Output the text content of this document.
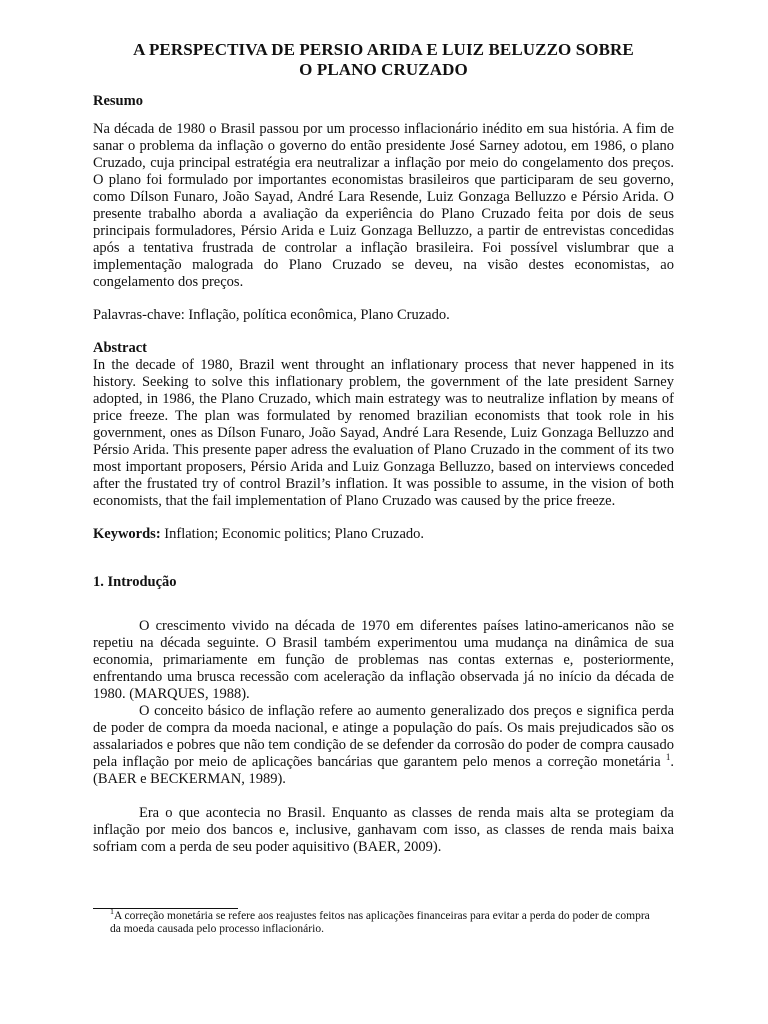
A PERSPECTIVA DE PERSIO ARIDA E LUIZ BELUZZO SOBRE
O PLANO CRUZADO

Resumo

Na década de 1980 o Brasil passou por um processo inflacionário inédito em sua história. A fim de sanar o problema da inflação o governo do então presidente José Sarney adotou, em 1986, o plano Cruzado, cuja principal estratégia era neutralizar a inflação por meio do congelamento dos preços. O plano foi formulado por importantes economistas brasileiros que participaram de seu governo, como Dílson Funaro, João Sayad, André Lara Resende, Luiz Gonzaga Belluzzo e Pérsio Arida. O presente trabalho aborda a avaliação da experiência do Plano Cruzado feita por dois de seus principais formuladores, Pérsio Arida e Luiz Gonzaga Belluzzo, a partir de entrevistas concedidas após a tentativa frustrada de controlar a inflação brasileira. Foi possível vislumbrar que a implementação malograda do Plano Cruzado se deveu, na visão destes economistas, ao congelamento dos preços.

Palavras-chave: Inflação, política econômica, Plano Cruzado.

Abstract

In the decade of 1980, Brazil went throught an inflationary process that never happened in its history. Seeking to solve this inflationary problem, the government of the late president Sarney adopted, in 1986, the Plano Cruzado, which main estrategy was to neutralize inflation by means of price freeze. The plan was formulated by renomed brazilian economists that took role in his government, ones as Dílson Funaro, João Sayad, André Lara Resende, Luiz Gonzaga Belluzzo and Pérsio Arida. This presente paper adress the evaluation of Plano Cruzado in the comment of its two most important proposers, Pérsio Arida and Luiz Gonzaga Belluzzo, based on interviews conceded after the frustated try of control Brazil’s inflation. It was possible to assume, in the vision of both economists, that the fail implementation of Plano Cruzado was caused by the price freeze.

Keywords: Inflation; Economic politics; Plano Cruzado.

1. Introdução

O crescimento vivido na década de 1970 em diferentes países latino-americanos não se repetiu na década seguinte. O Brasil também experimentou uma mudança na dinâmica de sua economia, primariamente em função de problemas nas contas externas e, posteriormente, enfrentando uma brusca recessão com aceleração da inflação observada já no início da década de 1980. (MARQUES, 1988).

O conceito básico de inflação refere ao aumento generalizado dos preços e significa perda de poder de compra da moeda nacional, e atinge a população do país. Os mais prejudicados são os assalariados e pobres que não tem condição de se defender da corrosão do poder de compra causado pela inflação por meio de aplicações bancárias que garantem pelo menos a correção monetária $^1$. (BAER e BECKERMAN, 1989).

Era o que acontecia no Brasil. Enquanto as classes de renda mais alta se protegiam da inflação por meio dos bancos e, inclusive, ganhavam com isso, as classes de renda mais baixa sofriam com a perda de seu poder aquisitivo (BAER, 2009).

$^1$A correção monetária se refere aos reajustes feitos nas aplicações financeiras para evitar a perda do poder de compra da moeda causada pelo processo inflacionário.
